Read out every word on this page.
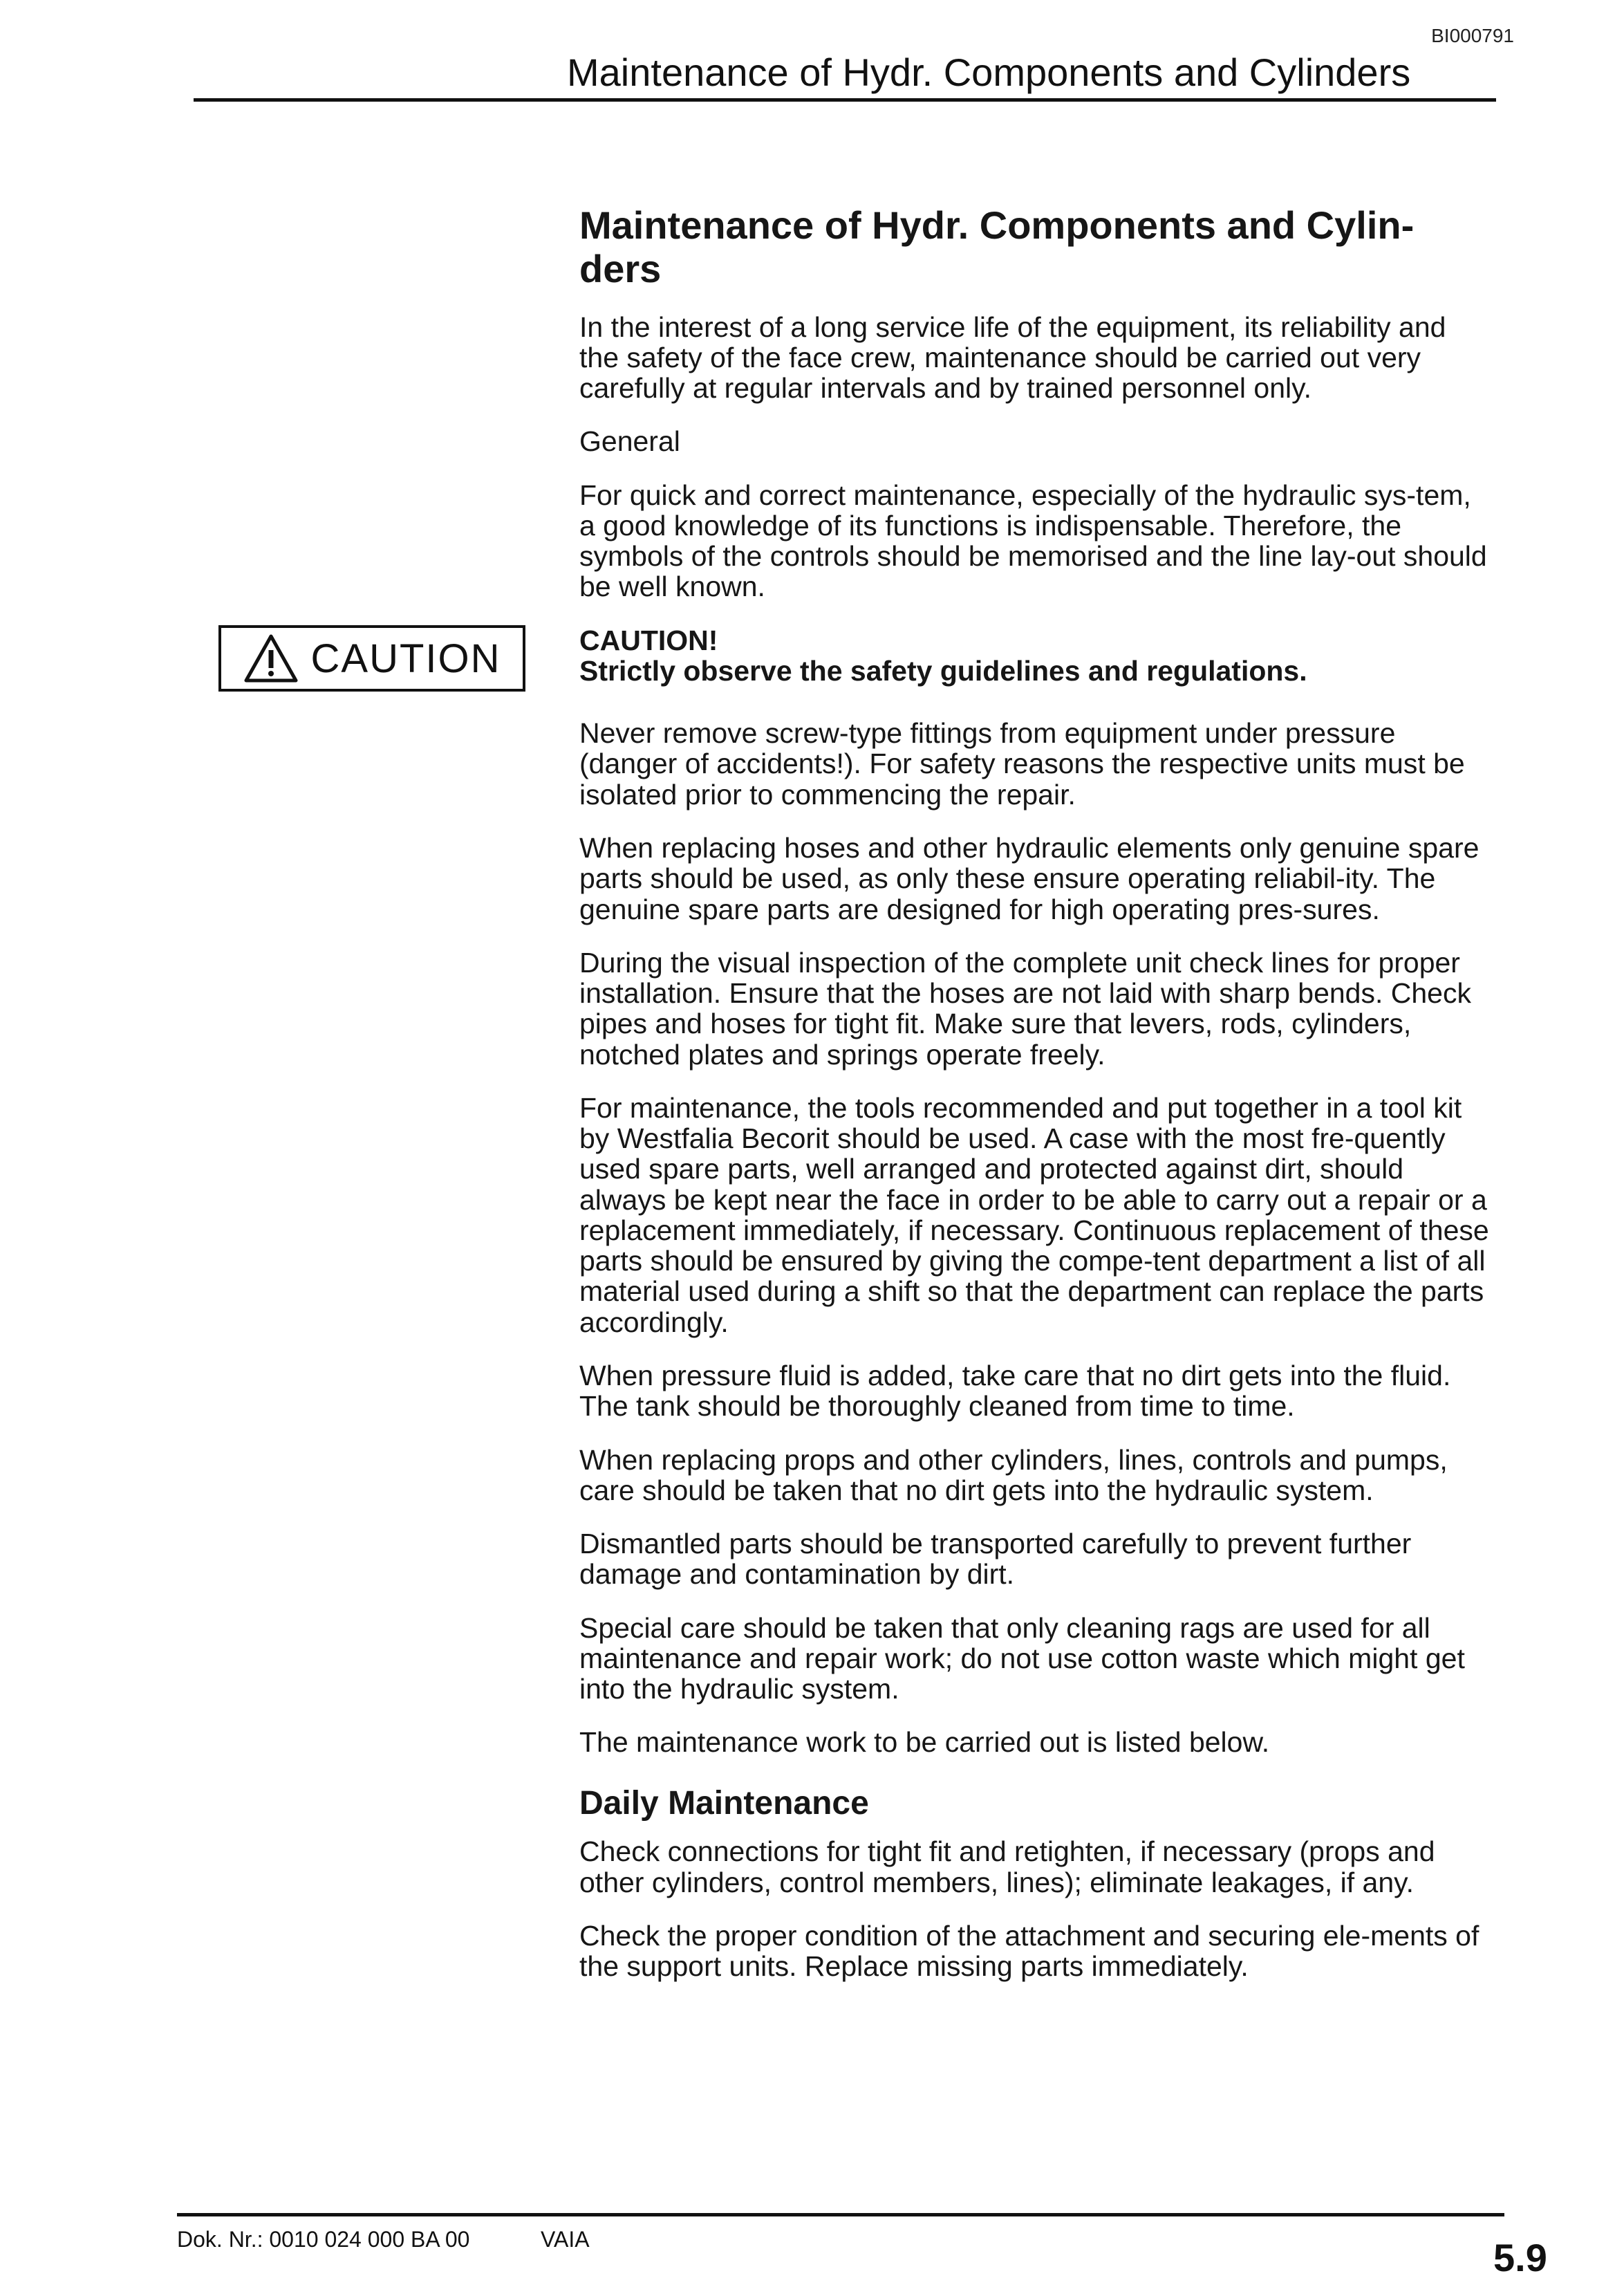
BI000791
Maintenance of Hydr. Components and Cylinders
CAUTION
Maintenance of Hydr. Components and Cylin-ders

In the interest of a long service life of the equipment, its reliability and the safety of the face crew, maintenance should be carried out very carefully at regular intervals and by trained personnel only.

General

For quick and correct maintenance, especially of the hydraulic sys-tem, a good knowledge of its functions is indispensable. Therefore, the symbols of the controls should be memorised and the line lay-out should be well known.

CAUTION!
Strictly observe the safety guidelines and regulations.

Never remove screw-type fittings from equipment under pressure (danger of accidents!). For safety reasons the respective units must be isolated prior to commencing the repair.

When replacing hoses and other hydraulic elements only genuine spare parts should be used, as only these ensure operating reliabil-ity. The genuine spare parts are designed for high operating pres-sures.

During the visual inspection of the complete unit check lines for proper installation. Ensure that the hoses are not laid with sharp bends. Check pipes and hoses for tight fit. Make sure that levers, rods, cylinders, notched plates and springs operate freely.

For maintenance, the tools recommended and put together in a tool kit by Westfalia Becorit should be used. A case with the most fre-quently used spare parts, well arranged and protected against dirt, should always be kept near the face in order to be able to carry out a repair or a replacement immediately, if necessary. Continuous replacement of these parts should be ensured by giving the compe-tent department a list of all material used during a shift so that the department can replace the parts accordingly.

When pressure fluid is added, take care that no dirt gets into the fluid. The tank should be thoroughly cleaned from time to time.

When replacing props and other cylinders, lines, controls and pumps, care should be taken that no dirt gets into the hydraulic system.

Dismantled parts should be transported carefully to prevent further damage and contamination by dirt.

Special care should be taken that only cleaning rags are used for all maintenance and repair work; do not use cotton waste which might get into the hydraulic system.

The maintenance work to be carried out is listed below.

Daily Maintenance

Check connections for tight fit and retighten, if necessary (props and other cylinders, control members, lines); eliminate leakages, if any.

Check the proper condition of the attachment and securing ele-ments of the support units. Replace missing parts immediately.

Dok. Nr.: 0010 024 000 BA 00	VAIA	5.9
